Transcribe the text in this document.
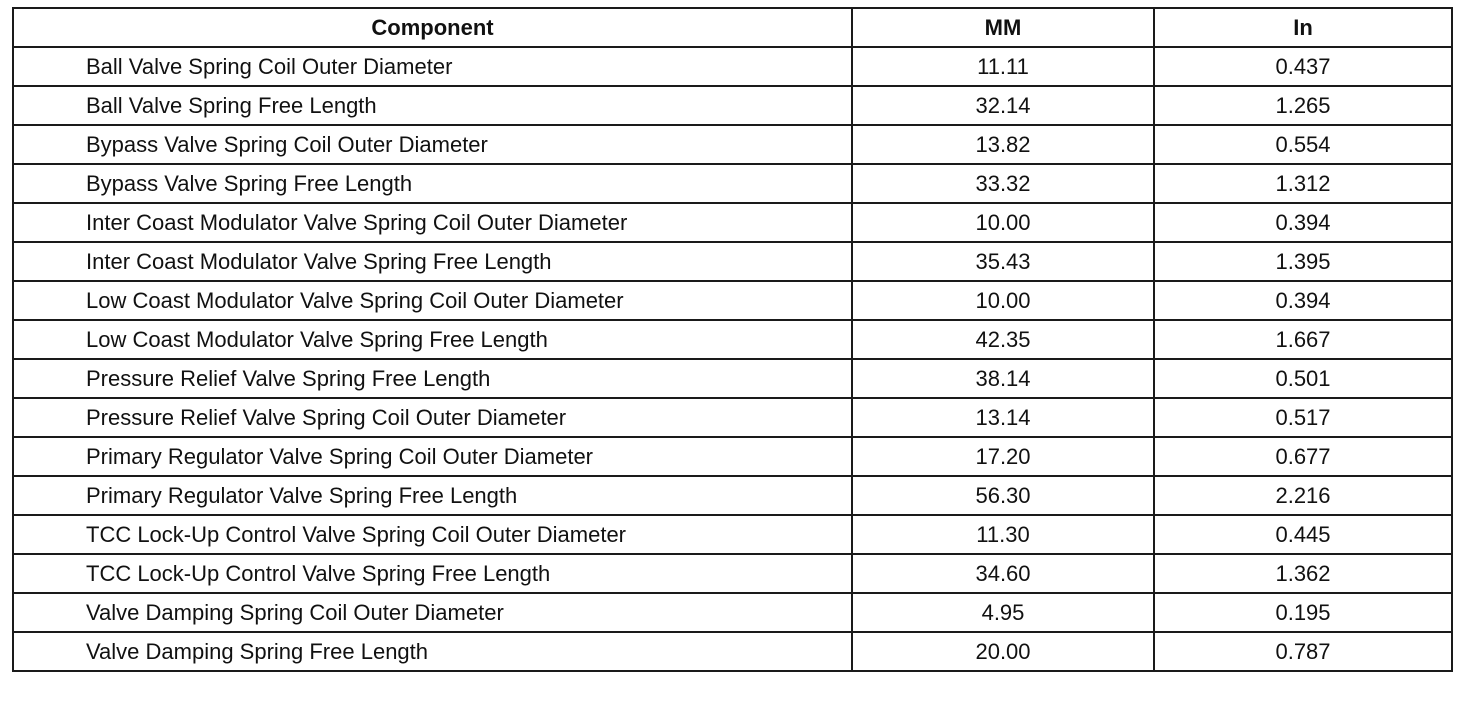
Component	MM	In
Ball Valve Spring Coil Outer Diameter	11.11	0.437
Ball Valve Spring Free Length	32.14	1.265
Bypass Valve Spring Coil Outer Diameter	13.82	0.554
Bypass Valve Spring Free Length	33.32	1.312
Inter Coast Modulator Valve Spring Coil Outer Diameter	10.00	0.394
Inter Coast Modulator Valve Spring Free Length	35.43	1.395
Low Coast Modulator Valve Spring Coil Outer Diameter	10.00	0.394
Low Coast Modulator Valve Spring Free Length	42.35	1.667
Pressure Relief Valve Spring Free Length	38.14	0.501
Pressure Relief Valve Spring Coil Outer Diameter	13.14	0.517
Primary Regulator Valve Spring Coil Outer Diameter	17.20	0.677
Primary Regulator Valve Spring Free Length	56.30	2.216
TCC Lock-Up Control Valve Spring Coil Outer Diameter	11.30	0.445
TCC Lock-Up Control Valve Spring Free Length	34.60	1.362
Valve Damping Spring Coil Outer Diameter	4.95	0.195
Valve Damping Spring Free Length	20.00	0.787
